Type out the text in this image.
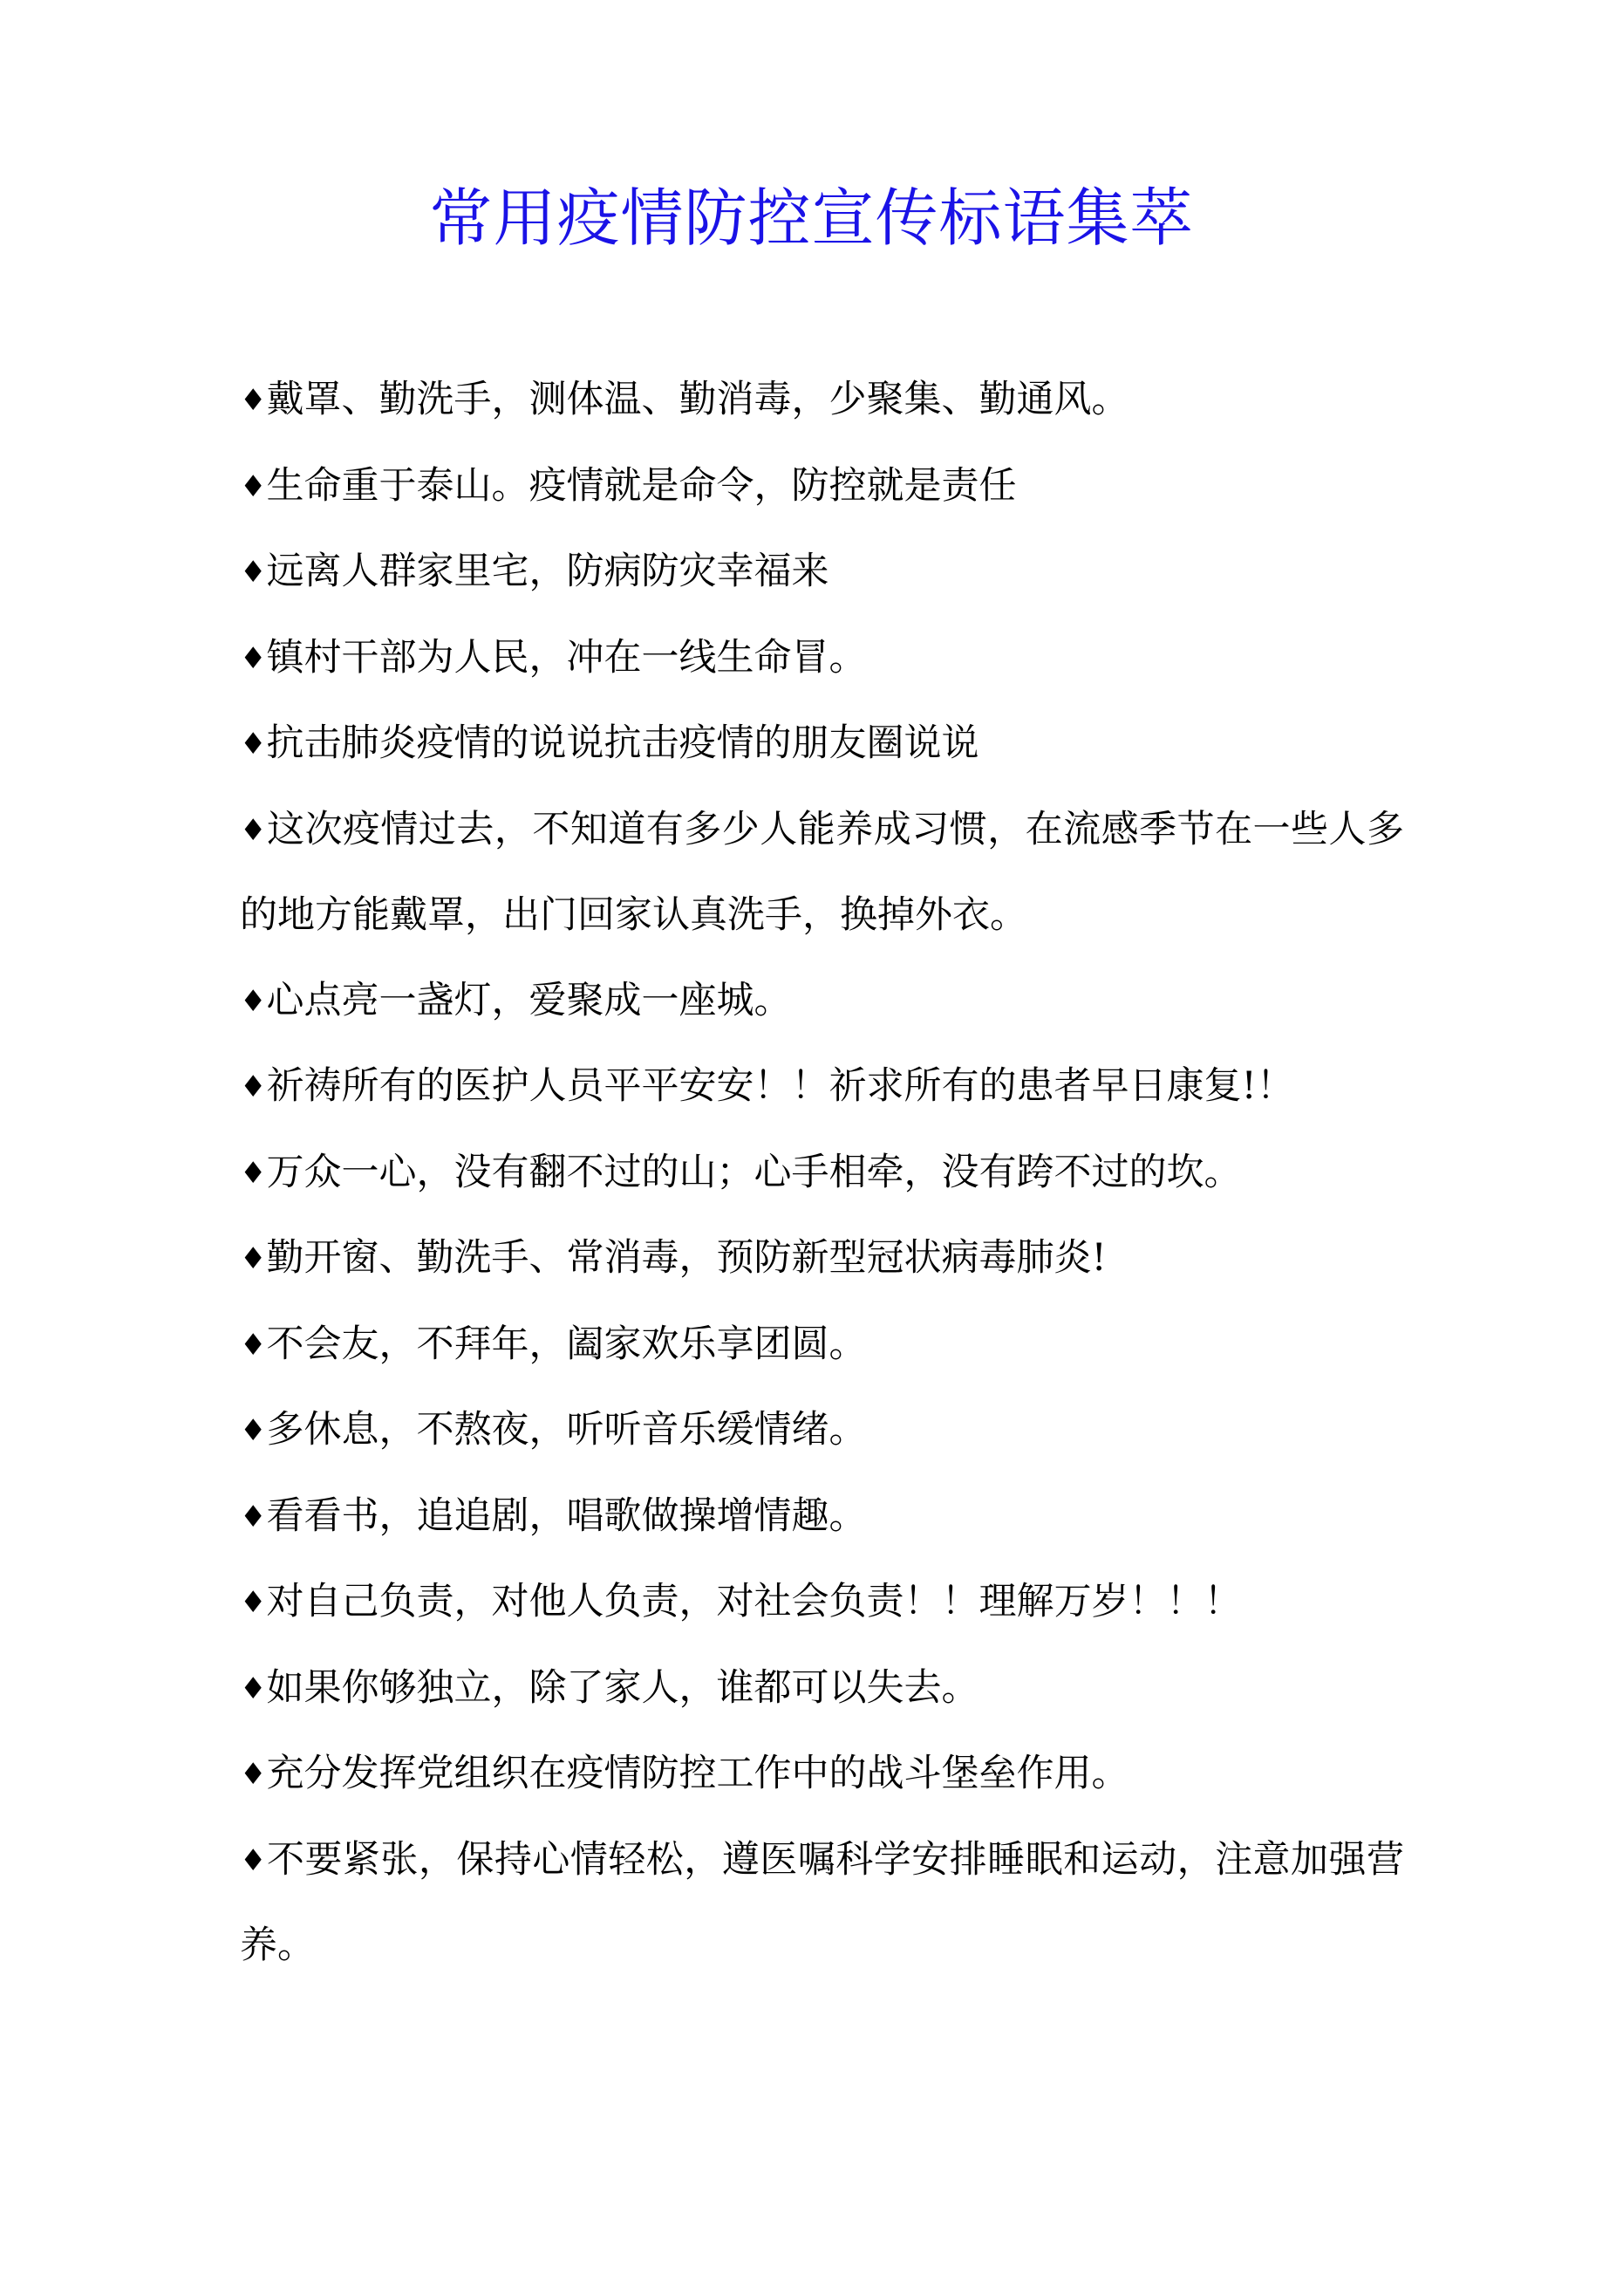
常用疫情防控宣传标语集萃

♦戴罩、勤洗手，测体温、勤消毒，少聚集、勤通风。

♦生命重于泰山。疫情就是命令，防控就是责任

♦远离人群家里宅，防病防灾幸福来

♦镇村干部为人民，冲在一线生命冒。

♦抗击肺炎疫情的说说抗击疫情的朋友圈说说

♦这次疫情过去，不知道有多少人能养成习惯，在流感季节在一些人多的地方能戴罩，出门回家认真洗手，换掉外衣。

♦心点亮一盏灯，爱聚成一座城。

♦祈祷所有的医护人员平平安安！！祈求所有的患者早日康复!！

♦万众一心，没有翻不过的山；心手相牵，没有跨不过的坎。

♦勤开窗、勤洗手、常消毒，预防新型冠状病毒肺炎!

♦不会友，不拜年，阖家欢乐享团圆。

♦多休息，不熬夜，听听音乐缓情绪。

♦看看书，追追剧，唱歌做操增情趣。

♦对自己负责，对他人负责，对社会负责！！理解万岁！！！

♦如果你够独立，除了家人，谁都可以失去。

♦充分发挥党组织在疫情防控工作中的战斗堡垒作用。

♦不要紧张，保持心情轻松，遵医嘱科学安排睡眠和运动，注意加强营养。
